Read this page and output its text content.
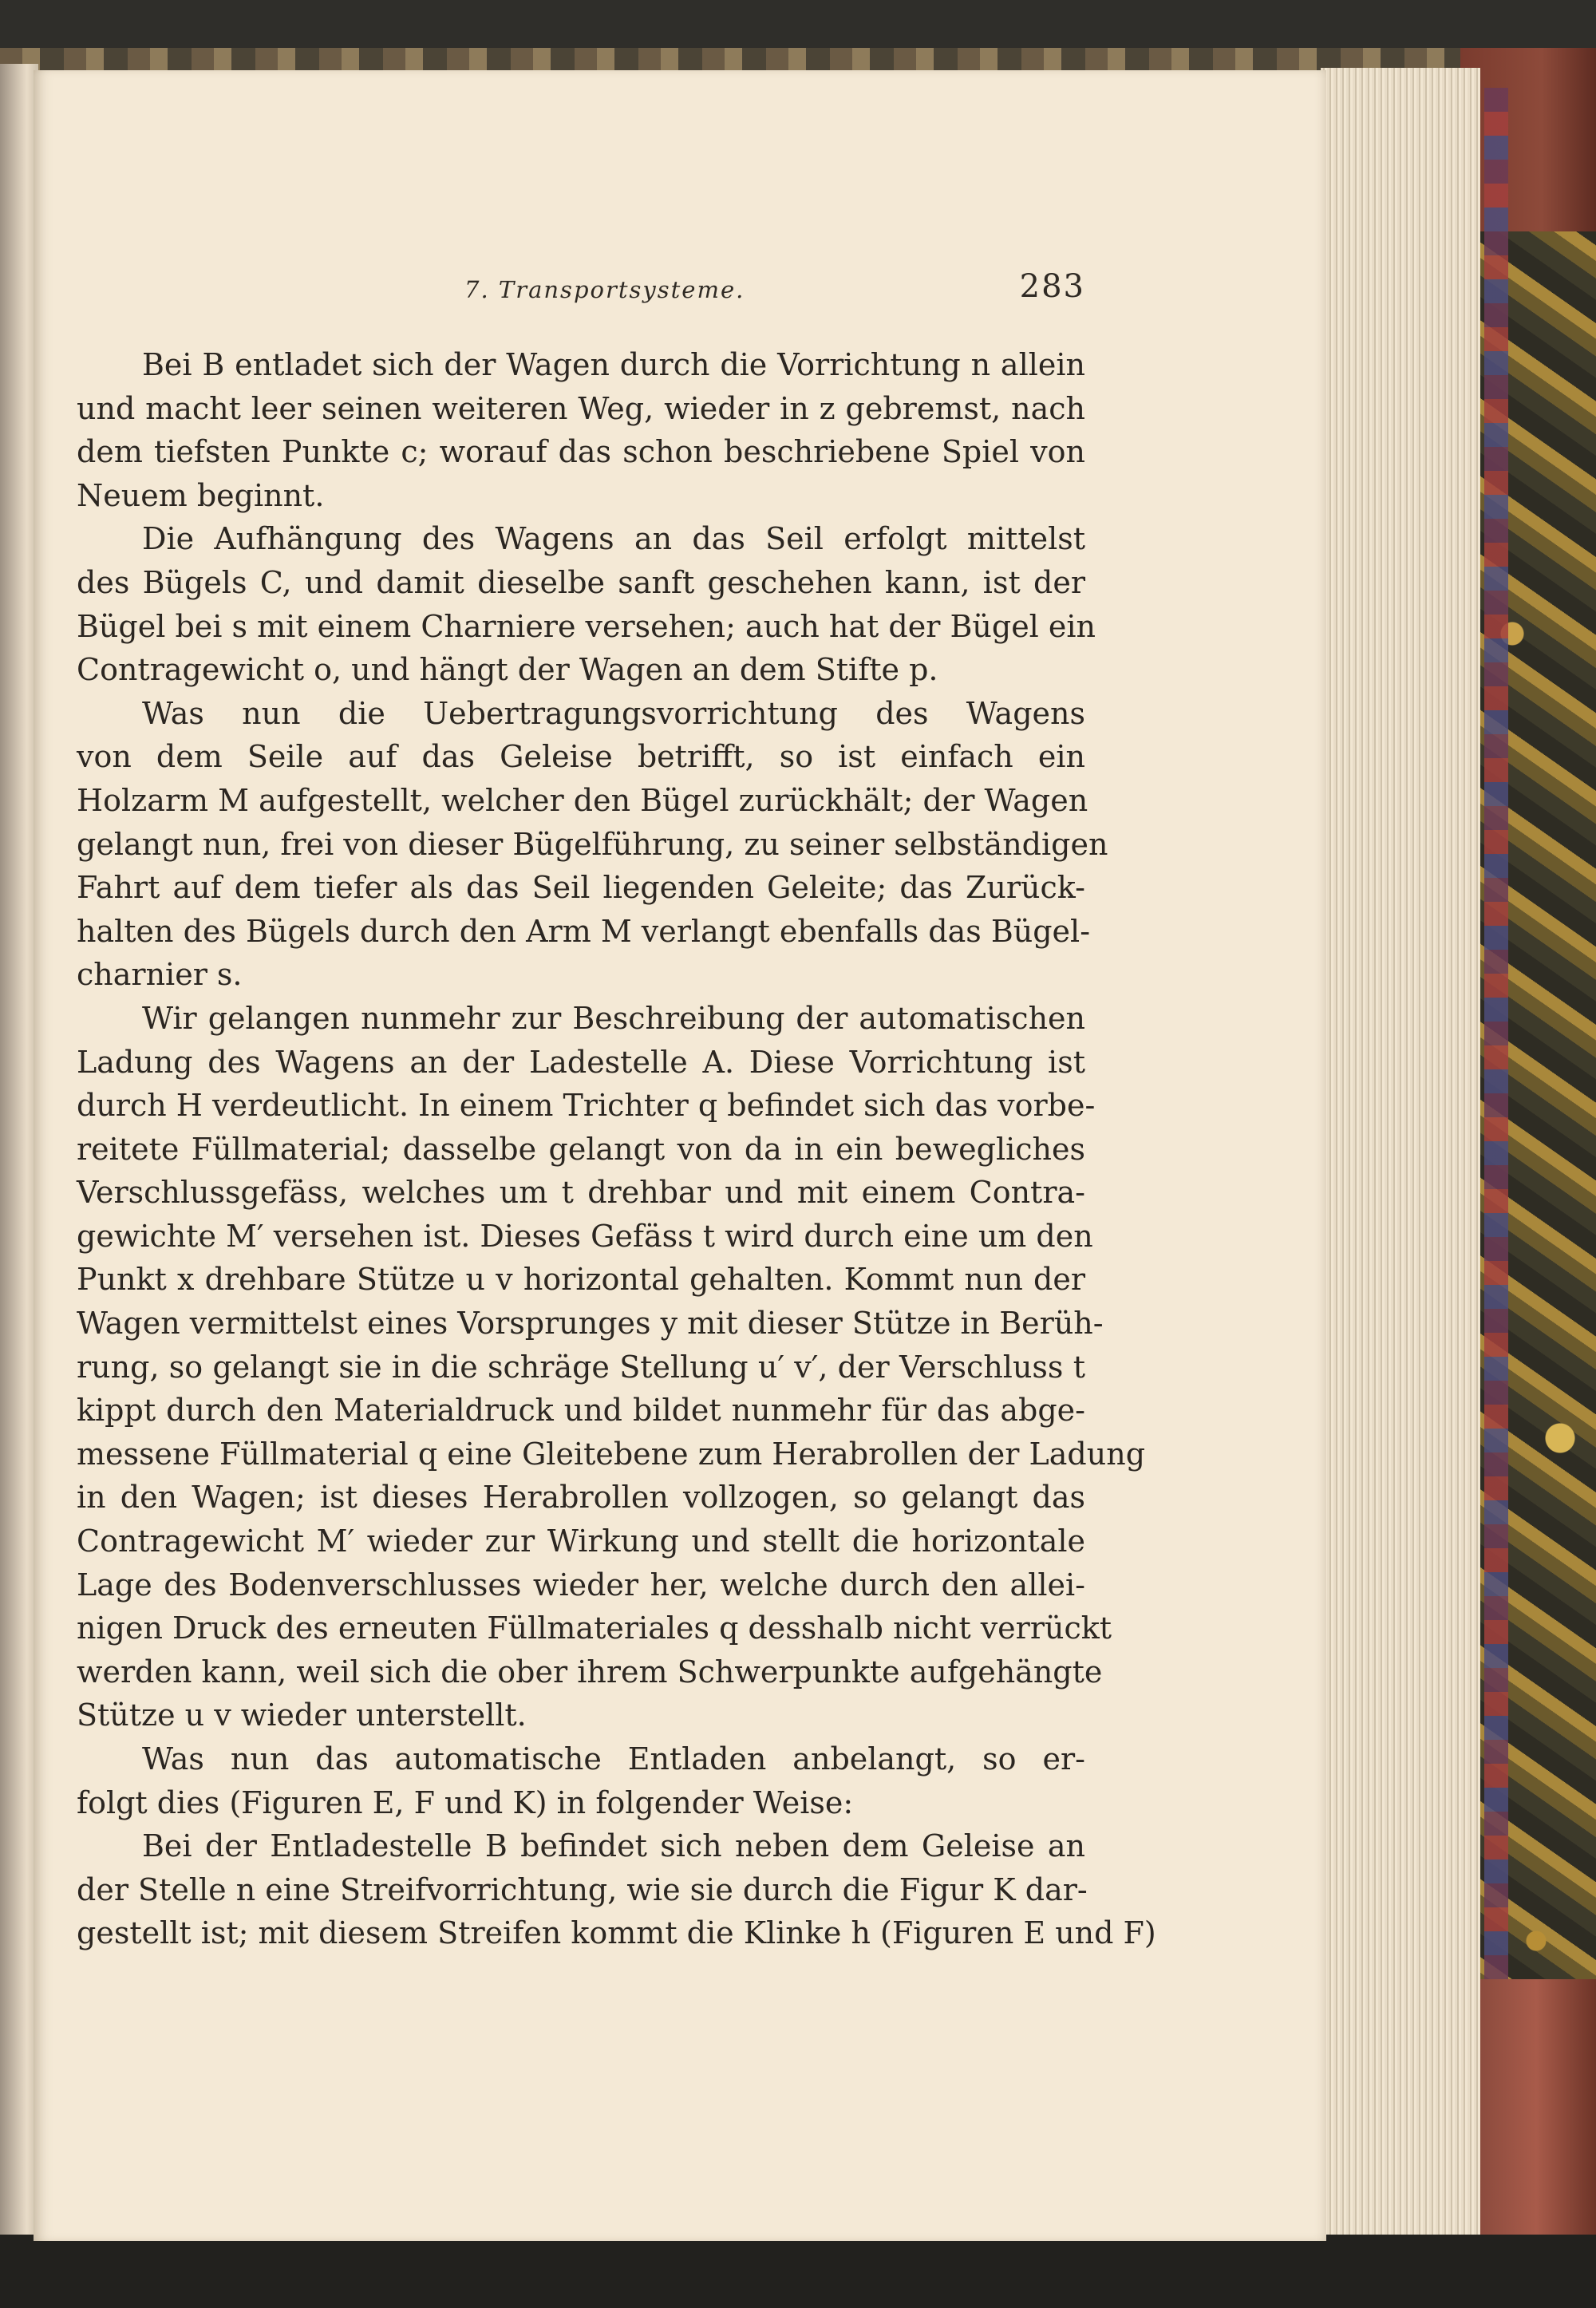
7. Transportsysteme.	283

Bei B entladet sich der Wagen durch die Vorrichtung n allein
und macht leer seinen weiteren Weg, wieder in z gebremst, nach
dem tiefsten Punkte c; worauf das schon beschriebene Spiel von
Neuem beginnt.

Die Aufhängung des Wagens an das Seil erfolgt mittelst
des Bügels C, und damit dieselbe sanft geschehen kann, ist der
Bügel bei s mit einem Charniere versehen; auch hat der Bügel ein
Contragewicht o, und hängt der Wagen an dem Stifte p.

Was nun die Uebertragungsvorrichtung des Wagens
von dem Seile auf das Geleise betrifft, so ist einfach ein
Holzarm M aufgestellt, welcher den Bügel zurückhält; der Wagen
gelangt nun, frei von dieser Bügelführung, zu seiner selbständigen
Fahrt auf dem tiefer als das Seil liegenden Geleite; das Zurück-
halten des Bügels durch den Arm M verlangt ebenfalls das Bügel-
charnier s.

Wir gelangen nunmehr zur Beschreibung der automatischen
Ladung des Wagens an der Ladestelle A. Diese Vorrichtung ist
durch H verdeutlicht. In einem Trichter q befindet sich das vorbe-
reitete Füllmaterial; dasselbe gelangt von da in ein bewegliches
Verschlussgefäss, welches um t drehbar und mit einem Contra-
gewichte M′ versehen ist. Dieses Gefäss t wird durch eine um den
Punkt x drehbare Stütze u v horizontal gehalten. Kommt nun der
Wagen vermittelst eines Vorsprunges y mit dieser Stütze in Berüh-
rung, so gelangt sie in die schräge Stellung u′ v′, der Verschluss t
kippt durch den Materialdruck und bildet nunmehr für das abge-
messene Füllmaterial q eine Gleitebene zum Herabrollen der Ladung
in den Wagen; ist dieses Herabrollen vollzogen, so gelangt das
Contragewicht M′ wieder zur Wirkung und stellt die horizontale
Lage des Bodenverschlusses wieder her, welche durch den allei-
nigen Druck des erneuten Füllmateriales q desshalb nicht verrückt
werden kann, weil sich die ober ihrem Schwerpunkte aufgehängte
Stütze u v wieder unterstellt.

Was nun das automatische Entladen anbelangt, so er-
folgt dies (Figuren E, F und K) in folgender Weise:

Bei der Entladestelle B befindet sich neben dem Geleise an
der Stelle n eine Streifvorrichtung, wie sie durch die Figur K dar-
gestellt ist; mit diesem Streifen kommt die Klinke h (Figuren E und F)
